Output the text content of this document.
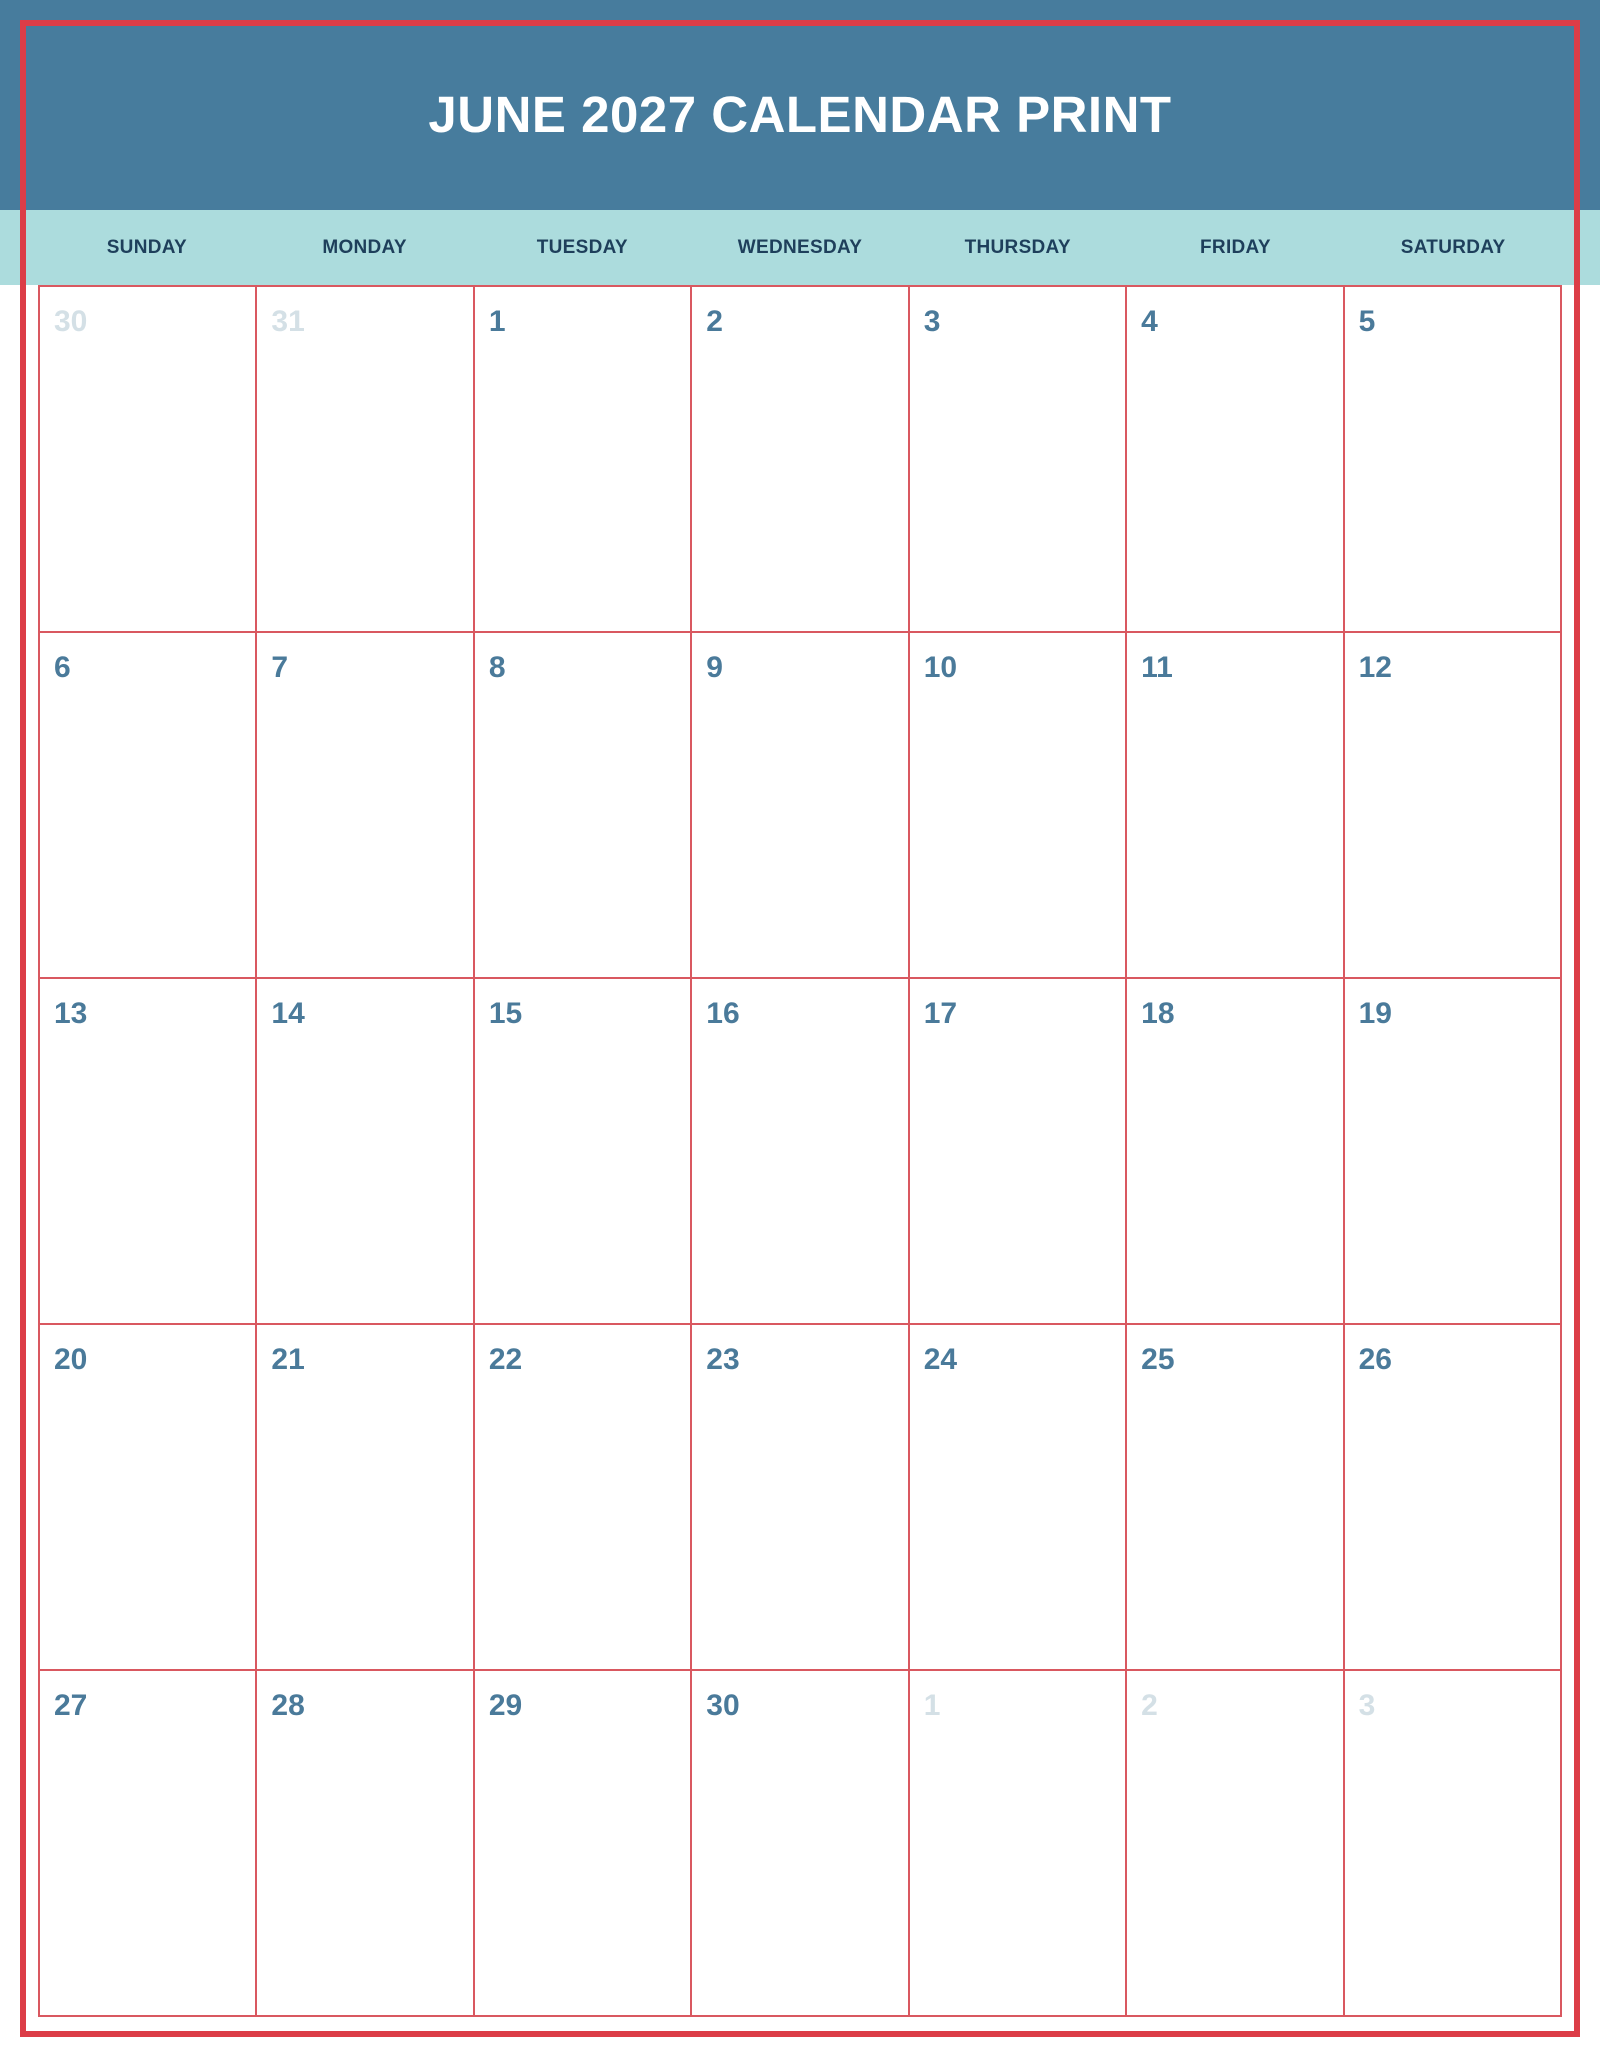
JUNE 2027 CALENDAR PRINT
SUNDAY	MONDAY	TUESDAY	WEDNESDAY	THURSDAY	FRIDAY	SATURDAY
30	31	1	2	3	4	5
6	7	8	9	10	11	12
13	14	15	16	17	18	19
20	21	22	23	24	25	26
27	28	29	30	1	2	3
